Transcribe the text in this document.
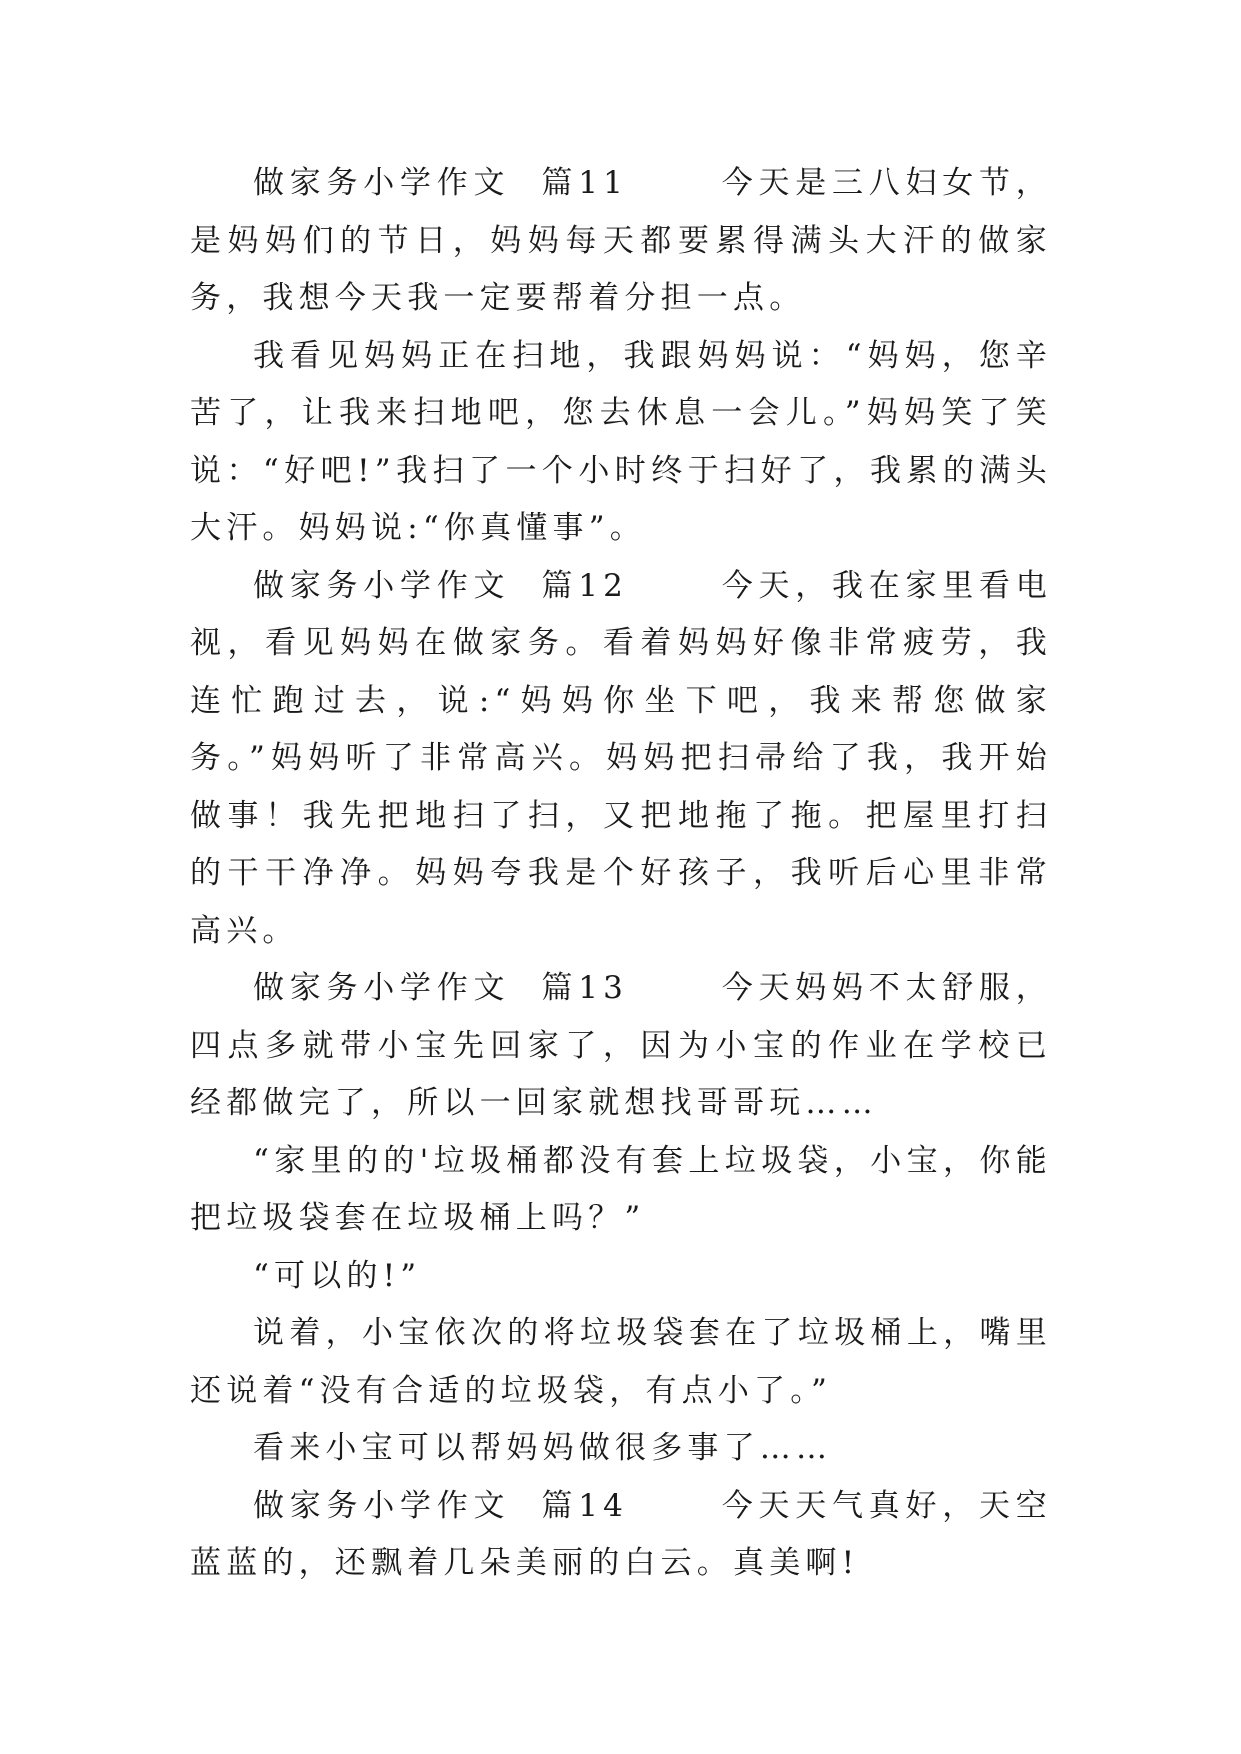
做家务小学作文  篇11      今天是三八妇女节，是妈妈们的节日，妈妈每天都要累得满头大汗的做家务，我想今天我一定要帮着分担一点。

我看见妈妈正在扫地，我跟妈妈说：“妈妈，您辛苦了，让我来扫地吧，您去休息一会儿。”妈妈笑了笑说：“好吧!”我扫了一个小时终于扫好了，我累的满头大汗。妈妈说:“你真懂事”。

做家务小学作文  篇12      今天，我在家里看电视，看见妈妈在做家务。看着妈妈好像非常疲劳，我连忙跑过去，说:“妈妈你坐下吧，我来帮您做家务。”妈妈听了非常高兴。妈妈把扫帚给了我，我开始做事！我先把地扫了扫，又把地拖了拖。把屋里打扫的干干净净。妈妈夸我是个好孩子，我听后心里非常高兴。

做家务小学作文  篇13      今天妈妈不太舒服，四点多就带小宝先回家了，因为小宝的作业在学校已经都做完了，所以一回家就想找哥哥玩……

“家里的的'垃圾桶都没有套上垃圾袋，小宝，你能把垃圾袋套在垃圾桶上吗？”

“可以的!”

说着，小宝依次的将垃圾袋套在了垃圾桶上，嘴里还说着“没有合适的垃圾袋，有点小了。”

看来小宝可以帮妈妈做很多事了……

做家务小学作文  篇14      今天天气真好，天空蓝蓝的，还飘着几朵美丽的白云。真美啊!
